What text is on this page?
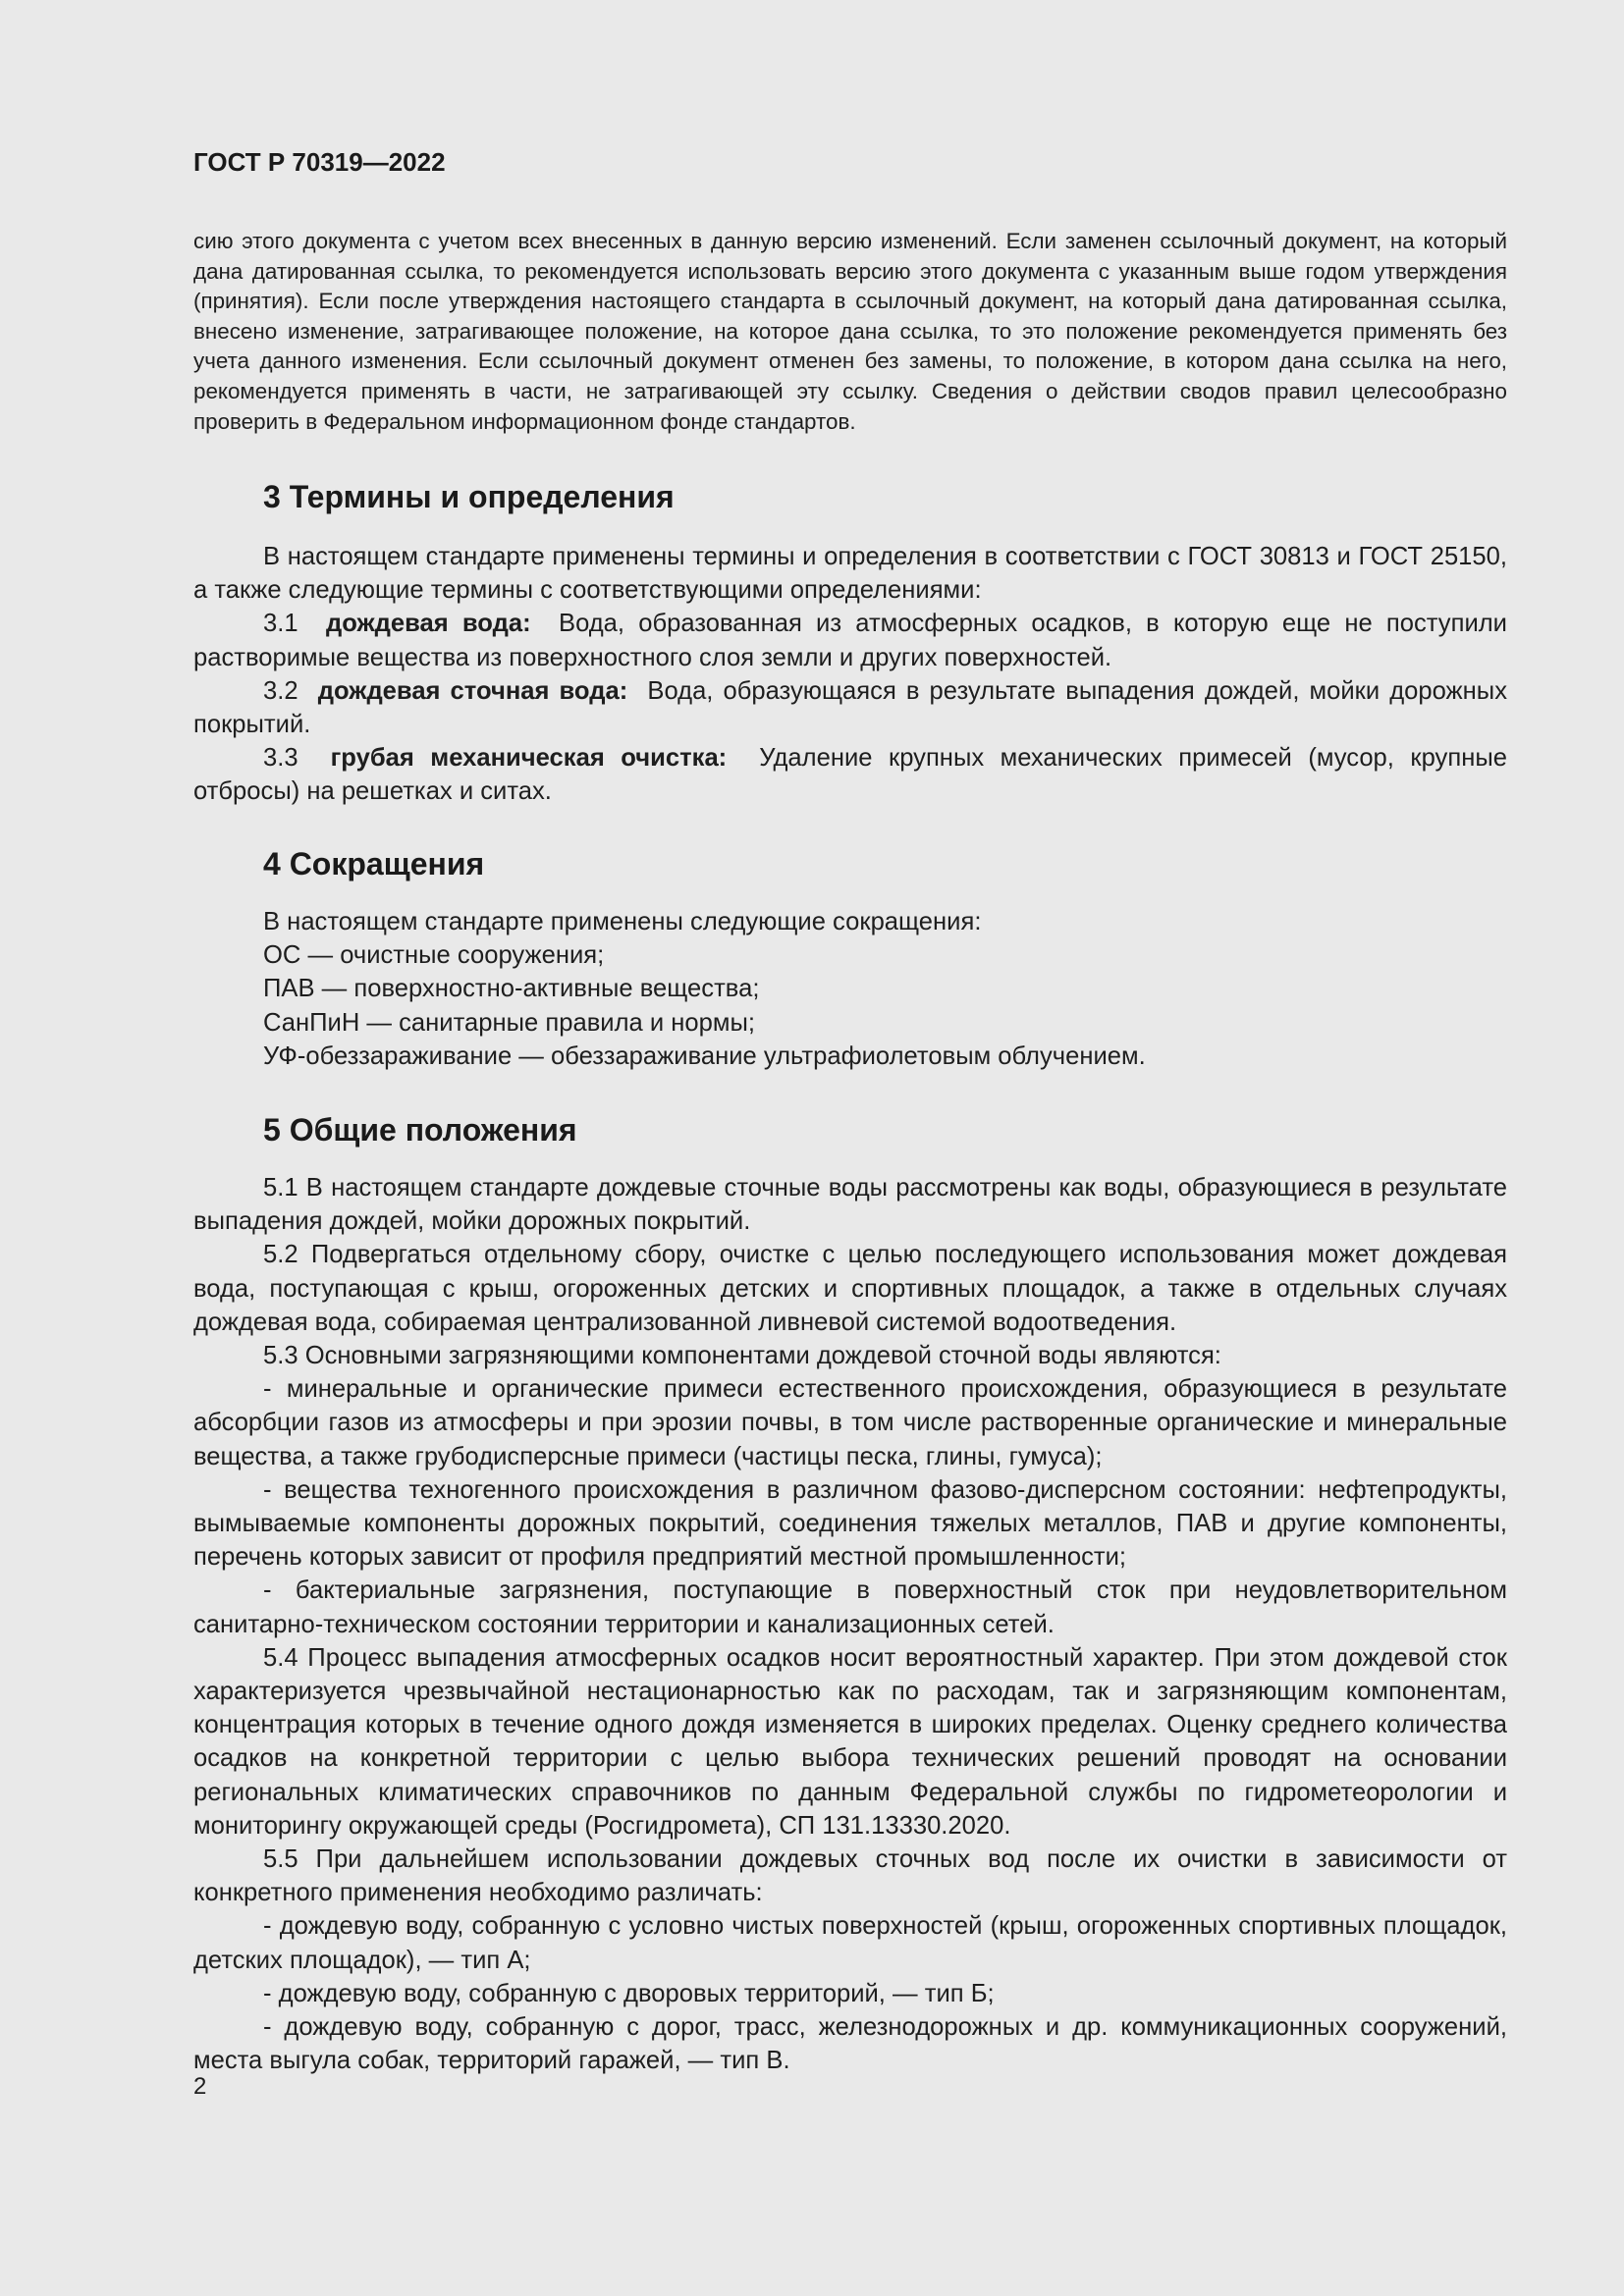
ГОСТ Р 70319—2022
сию этого документа с учетом всех внесенных в данную версию изменений. Если заменен ссылочный документ, на который дана датированная ссылка, то рекомендуется использовать версию этого документа с указанным выше годом утверждения (принятия). Если после утверждения настоящего стандарта в ссылочный документ, на который дана датированная ссылка, внесено изменение, затрагивающее положение, на которое дана ссылка, то это положение рекомендуется применять без учета данного изменения. Если ссылочный документ отменен без замены, то положение, в котором дана ссылка на него, рекомендуется применять в части, не затрагивающей эту ссылку. Сведения о действии сводов правил целесообразно проверить в Федеральном информационном фонде стандартов.
3 Термины и определения

В настоящем стандарте применены термины и определения в соответствии с ГОСТ 30813 и ГОСТ 25150, а также следующие термины с соответствующими определениями:

3.1 дождевая вода: Вода, образованная из атмосферных осадков, в которую еще не поступили растворимые вещества из поверхностного слоя земли и других поверхностей.

3.2 дождевая сточная вода: Вода, образующаяся в результате выпадения дождей, мойки дорожных покрытий.

3.3 грубая механическая очистка: Удаление крупных механических примесей (мусор, крупные отбросы) на решетках и ситах.

4 Сокращения

В настоящем стандарте применены следующие сокращения:

ОС — очистные сооружения;

ПАВ — поверхностно-активные вещества;

СанПиН — санитарные правила и нормы;

УФ-обеззараживание — обеззараживание ультрафиолетовым облучением.

5 Общие положения

5.1 В настоящем стандарте дождевые сточные воды рассмотрены как воды, образующиеся в результате выпадения дождей, мойки дорожных покрытий.

5.2 Подвергаться отдельному сбору, очистке с целью последующего использования может дождевая вода, поступающая с крыш, огороженных детских и спортивных площадок, а также в отдельных случаях дождевая вода, собираемая централизованной ливневой системой водоотведения.

5.3 Основными загрязняющими компонентами дождевой сточной воды являются:

- минеральные и органические примеси естественного происхождения, образующиеся в результате абсорбции газов из атмосферы и при эрозии почвы, в том числе растворенные органические и минеральные вещества, а также грубодисперсные примеси (частицы песка, глины, гумуса);

- вещества техногенного происхождения в различном фазово-дисперсном состоянии: нефтепродукты, вымываемые компоненты дорожных покрытий, соединения тяжелых металлов, ПАВ и другие компоненты, перечень которых зависит от профиля предприятий местной промышленности;

- бактериальные загрязнения, поступающие в поверхностный сток при неудовлетворительном санитарно-техническом состоянии территории и канализационных сетей.

5.4 Процесс выпадения атмосферных осадков носит вероятностный характер. При этом дождевой сток характеризуется чрезвычайной нестационарностью как по расходам, так и загрязняющим компонентам, концентрация которых в течение одного дождя изменяется в широких пределах. Оценку среднего количества осадков на конкретной территории с целью выбора технических решений проводят на основании региональных климатических справочников по данным Федеральной службы по гидрометеорологии и мониторингу окружающей среды (Росгидромета), СП 131.13330.2020.

5.5 При дальнейшем использовании дождевых сточных вод после их очистки в зависимости от конкретного применения необходимо различать:

- дождевую воду, собранную с условно чистых поверхностей (крыш, огороженных спортивных площадок, детских площадок), — тип А;

- дождевую воду, собранную с дворовых территорий, — тип Б;

- дождевую воду, собранную с дорог, трасс, железнодорожных и др. коммуникационных сооружений, места выгула собак, территорий гаражей, — тип В.

2
